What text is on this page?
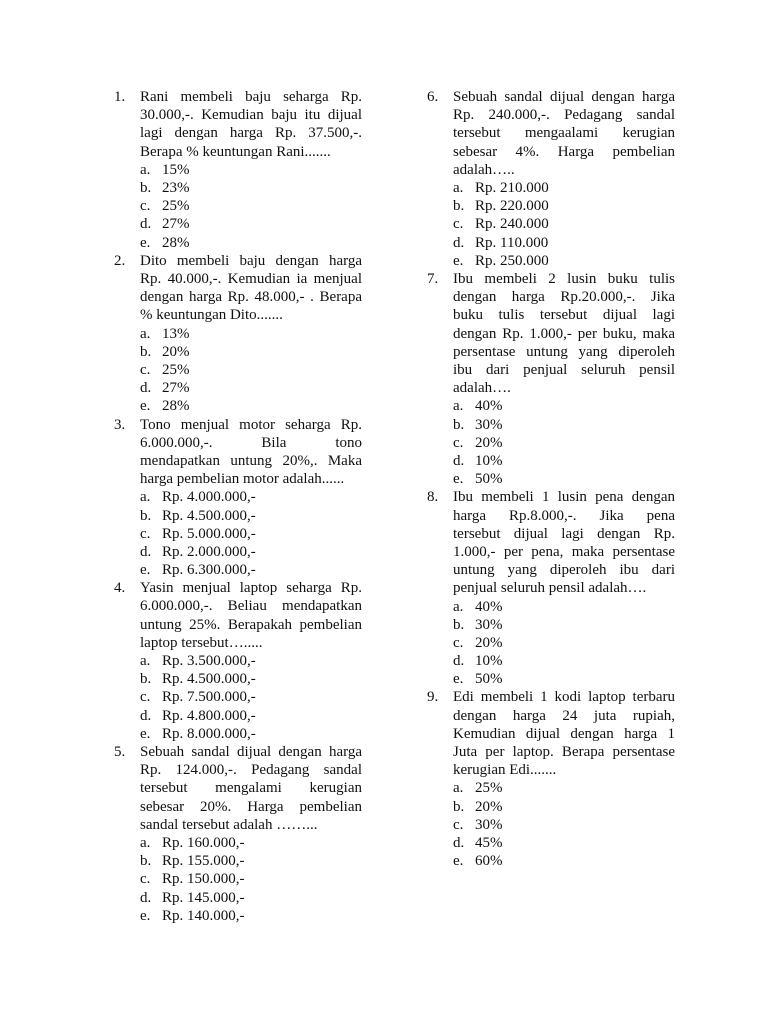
1. Rani membeli baju seharga Rp.
30.000,-. Kemudian baju itu dijual
lagi dengan harga Rp. 37.500,-.
Berapa % keuntungan Rani.......
a. 15%
b. 23%
c. 25%
d. 27%
e. 28%
2. Dito membeli baju dengan harga
Rp. 40.000,-. Kemudian ia menjual
dengan harga Rp. 48.000,- . Berapa
% keuntungan Dito.......
a. 13%
b. 20%
c. 25%
d. 27%
e. 28%
3. Tono menjual motor seharga Rp.
6.000.000,-. Bila tono
mendapatkan untung 20%,. Maka
harga pembelian motor adalah......
a. Rp. 4.000.000,-
b. Rp. 4.500.000,-
c. Rp. 5.000.000,-
d. Rp. 2.000.000,-
e. Rp. 6.300.000,-
4. Yasin menjual laptop seharga Rp.
6.000.000,-. Beliau mendapatkan
untung 25%. Berapakah pembelian
laptop tersebut….....
a. Rp. 3.500.000,-
b. Rp. 4.500.000,-
c. Rp. 7.500.000,-
d. Rp. 4.800.000,-
e. Rp. 8.000.000,-
5. Sebuah sandal dijual dengan harga
Rp. 124.000,-. Pedagang sandal
tersebut mengalami kerugian
sebesar 20%. Harga pembelian
sandal tersebut adalah ……...
a. Rp. 160.000,-
b. Rp. 155.000,-
c. Rp. 150.000,-
d. Rp. 145.000,-
e. Rp. 140.000,-
6. Sebuah sandal dijual dengan harga
Rp. 240.000,-. Pedagang sandal
tersebut mengaalami kerugian
sebesar 4%. Harga pembelian
adalah…..
a. Rp. 210.000
b. Rp. 220.000
c. Rp. 240.000
d. Rp. 110.000
e. Rp. 250.000
7. Ibu membeli 2 lusin buku tulis
dengan harga Rp.20.000,-. Jika
buku tulis tersebut dijual lagi
dengan Rp. 1.000,- per buku, maka
persentase untung yang diperoleh
ibu dari penjual seluruh pensil
adalah….
a. 40%
b. 30%
c. 20%
d. 10%
e. 50%
8. Ibu membeli 1 lusin pena dengan
harga Rp.8.000,-. Jika pena
tersebut dijual lagi dengan Rp.
1.000,- per pena, maka persentase
untung yang diperoleh ibu dari
penjual seluruh pensil adalah….
a. 40%
b. 30%
c. 20%
d. 10%
e. 50%
9. Edi membeli 1 kodi laptop terbaru
dengan harga 24 juta rupiah,
Kemudian dijual dengan harga 1
Juta per laptop. Berapa persentase
kerugian Edi.......
a. 25%
b. 20%
c. 30%
d. 45%
e. 60%
